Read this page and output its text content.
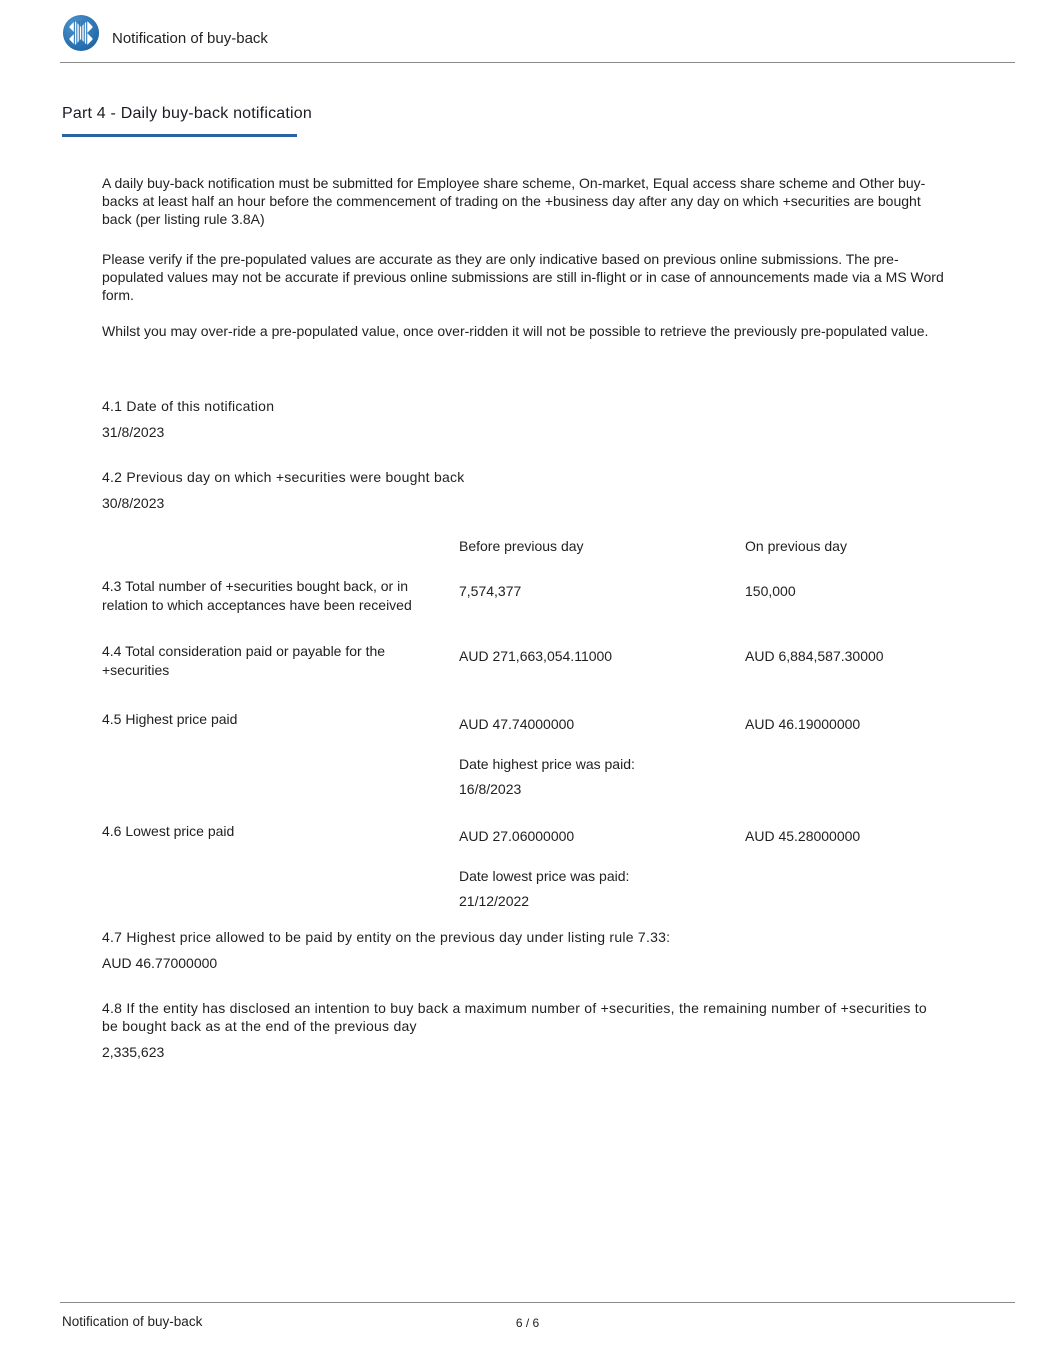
Notification of buy-back
Part 4 - Daily buy-back notification

A daily buy-back notification must be submitted for Employee share scheme, On-market, Equal access share scheme and Other buy-backs at least half an hour before the commencement of trading on the +business day after any day on which +securities are bought back (per listing rule 3.8A)

Please verify if the pre-populated values are accurate as they are only indicative based on previous online submissions. The pre-populated values may not be accurate if previous online submissions are still in-flight or in case of announcements made via a MS Word form.

Whilst you may over-ride a pre-populated value, once over-ridden it will not be possible to retrieve the previously pre-populated value.

4.1 Date of this notification
31/8/2023
4.2 Previous day on which +securities were bought back
30/8/2023
Before previous day	On previous day
4.3 Total number of +securities bought back, or in relation to which acceptances have been received
7,574,377	150,000
4.4 Total consideration paid or payable for the +securities
AUD 271,663,054.11000	AUD 6,884,587.30000
4.5 Highest price paid	AUD 47.74000000	AUD 46.19000000
Date highest price was paid:
16/8/2023
4.6 Lowest price paid	AUD 27.06000000	AUD 45.28000000
Date lowest price was paid:
21/12/2022
4.7 Highest price allowed to be paid by entity on the previous day under listing rule 7.33:
AUD 46.77000000
4.8 If the entity has disclosed an intention to buy back a maximum number of +securities, the remaining number of +securities to be bought back as at the end of the previous day
2,335,623
Notification of buy-back	6 / 6
